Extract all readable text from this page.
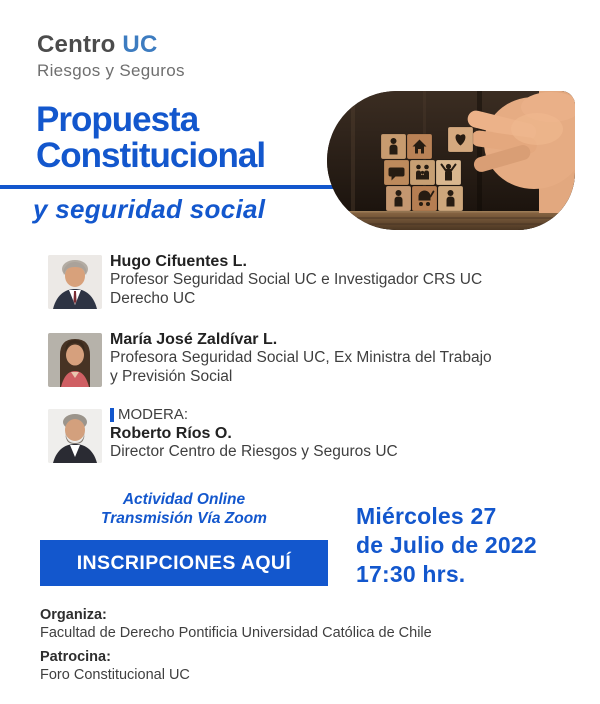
Centro UC
Riesgos y Seguros
Propuesta
Constitucional
y seguridad social
Hugo Cifuentes L.
Profesor Seguridad Social UC e Investigador CRS UC
Derecho UC
María José Zaldívar L.
Profesora Seguridad Social UC, Ex Ministra del Trabajo
y Previsión Social
MODERA:
Roberto Ríos O.
Director Centro de Riesgos y Seguros UC
Actividad Online
Transmisión Vía Zoom
INSCRIPCIONES AQUÍ
Miércoles 27
de Julio de 2022
17:30 hrs.
Organiza:
Facultad de Derecho Pontificia Universidad Católica de Chile
Patrocina:
Foro Constitucional UC
